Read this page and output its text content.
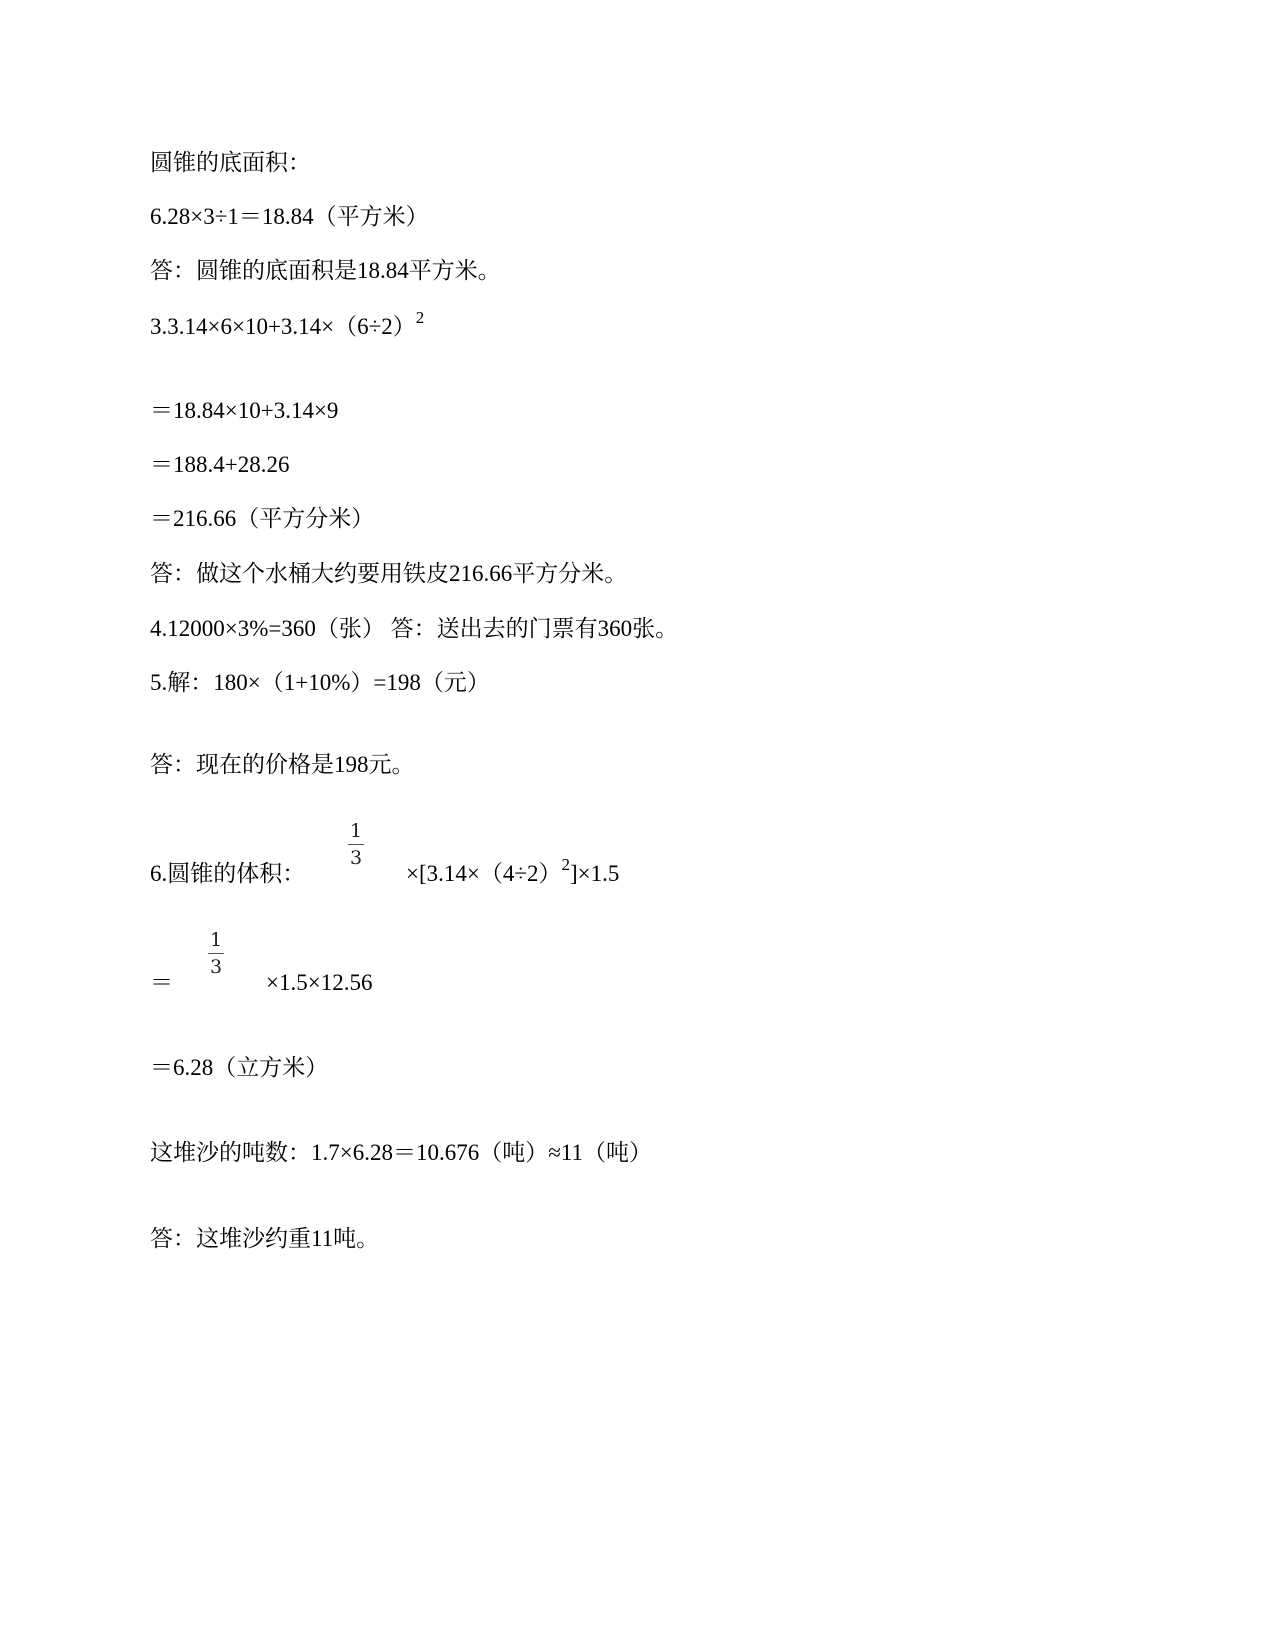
圆锥的底面积：
6.28×3÷1＝18.84（平方米）
答：圆锥的底面积是18.84平方米。
$3.3.14\times 6\times 10+3.14\times(6\div 2)^2$
＝18.84×10+3.14×9
＝188.4+28.26
＝216.66（平方分米）
答：做这个水桶大约要用铁皮216.66平方分米。
4.12000×3%=360（张） 答：送出去的门票有360张。
5.解：180×（1+10%）=198（元）
答：现在的价格是198元。
6.圆锥的体积：
1
3
$\times[3.14\times(4\div 2)^2]\times 1.5$
＝
1
3
×1.5×12.56
＝6.28（立方米）
这堆沙的吨数：1.7×6.28＝10.676（吨）≈11（吨）
答：这堆沙约重11吨。
